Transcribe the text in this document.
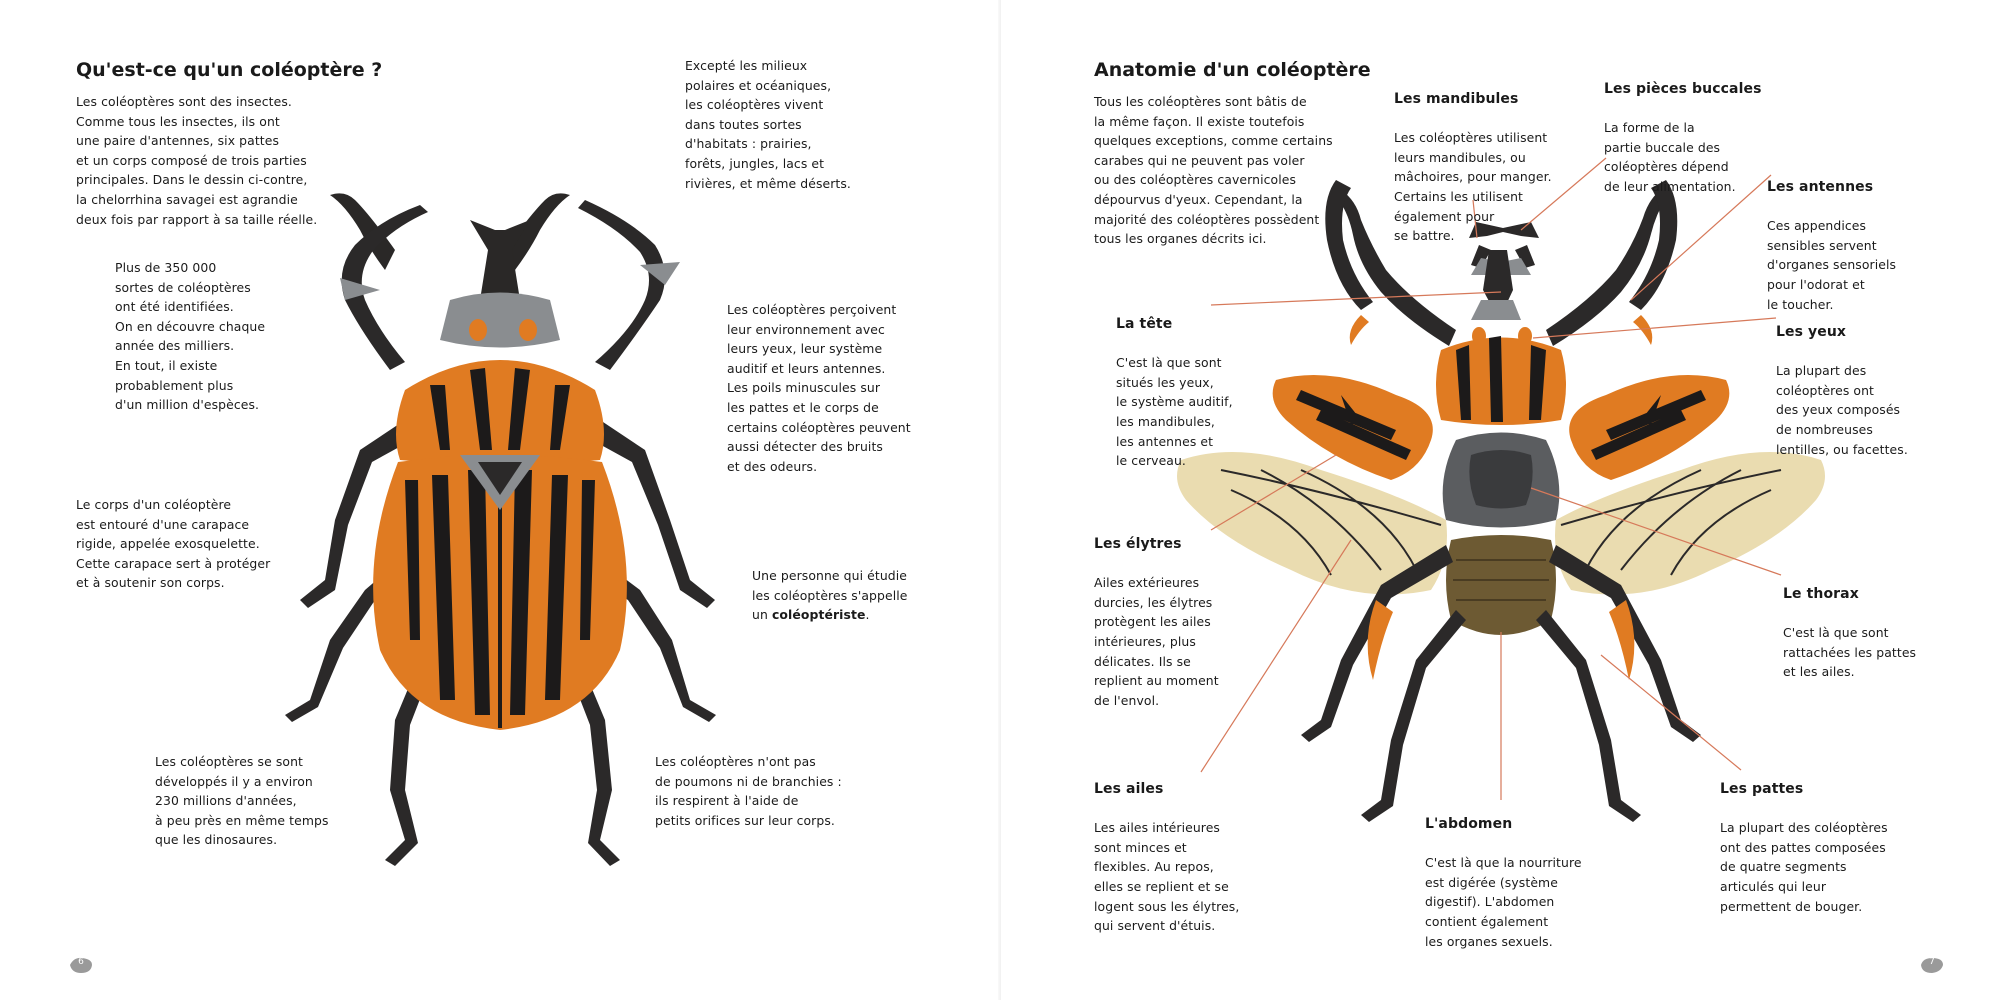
Qu'est-ce qu'un coléoptère ?
Les coléoptères sont des insectes.
Comme tous les insectes, ils ont
une paire d'antennes, six pattes
et un corps composé de trois parties
principales. Dans le dessin ci-contre,
la chelorrhina savagei est agrandie
deux fois par rapport à sa taille réelle.
Plus de 350 000
sortes de coléoptères
ont été identifiées.
On en découvre chaque
année des milliers.
En tout, il existe
probablement plus
d'un million d'espèces.
Le corps d'un coléoptère
est entouré d'une carapace
rigide, appelée exosquelette.
Cette carapace sert à protéger
et à soutenir son corps.
Les coléoptères se sont
développés il y a environ
230 millions d'années,
à peu près en même temps
que les dinosaures.
Excepté les milieux
polaires et océaniques,
les coléoptères vivent
dans toutes sortes
d'habitats : prairies,
forêts, jungles, lacs et
rivières, et même déserts.
Les coléoptères perçoivent
leur environnement avec
leurs yeux, leur système
auditif et leurs antennes.
Les poils minuscules sur
les pattes et le corps de
certains coléoptères peuvent
aussi détecter des bruits
et des odeurs.
Une personne qui étudie
les coléoptères s'appelle
un coléoptériste.
Les coléoptères n'ont pas
de poumons ni de branchies :
ils respirent à l'aide de
petits orifices sur leur corps.
6
Anatomie d'un coléoptère
Tous les coléoptères sont bâtis de
la même façon. Il existe toutefois
quelques exceptions, comme certains
carabes qui ne peuvent pas voler
ou des coléoptères cavernicoles
dépourvus d'yeux. Cependant, la
majorité des coléoptères possèdent
tous les organes décrits ici.

Les mandibules

Les coléoptères utilisent
leurs mandibules, ou
mâchoires, pour manger.
Certains les utilisent
également pour
se battre.

Les pièces buccales

La forme de la
partie buccale des
coléoptères dépend
de leur alimentation.	Les antennes

Ces appendices
sensibles servent
d'organes sensoriels
pour l'odorat et
le toucher.

La tête

C'est là que sont
situés les yeux,
le système auditif,
les mandibules,
les antennes et
le cerveau.

Les yeux

La plupart des
coléoptères ont
des yeux composés
de nombreuses
lentilles, ou facettes.

Les élytres

Ailes extérieures
durcies, les élytres
protègent les ailes
intérieures, plus
délicates. Ils se
replient au moment
de l'envol.

Le thorax

C'est là que sont
rattachées les pattes
et les ailes.

Les ailes

Les ailes intérieures
sont minces et
flexibles. Au repos,
elles se replient et se
logent sous les élytres,
qui servent d'étuis.

L'abdomen

C'est là que la nourriture
est digérée (système
digestif). L'abdomen
contient également
les organes sexuels.

Les pattes

La plupart des coléoptères
ont des pattes composées
de quatre segments
articulés qui leur
permettent de bouger.

7
